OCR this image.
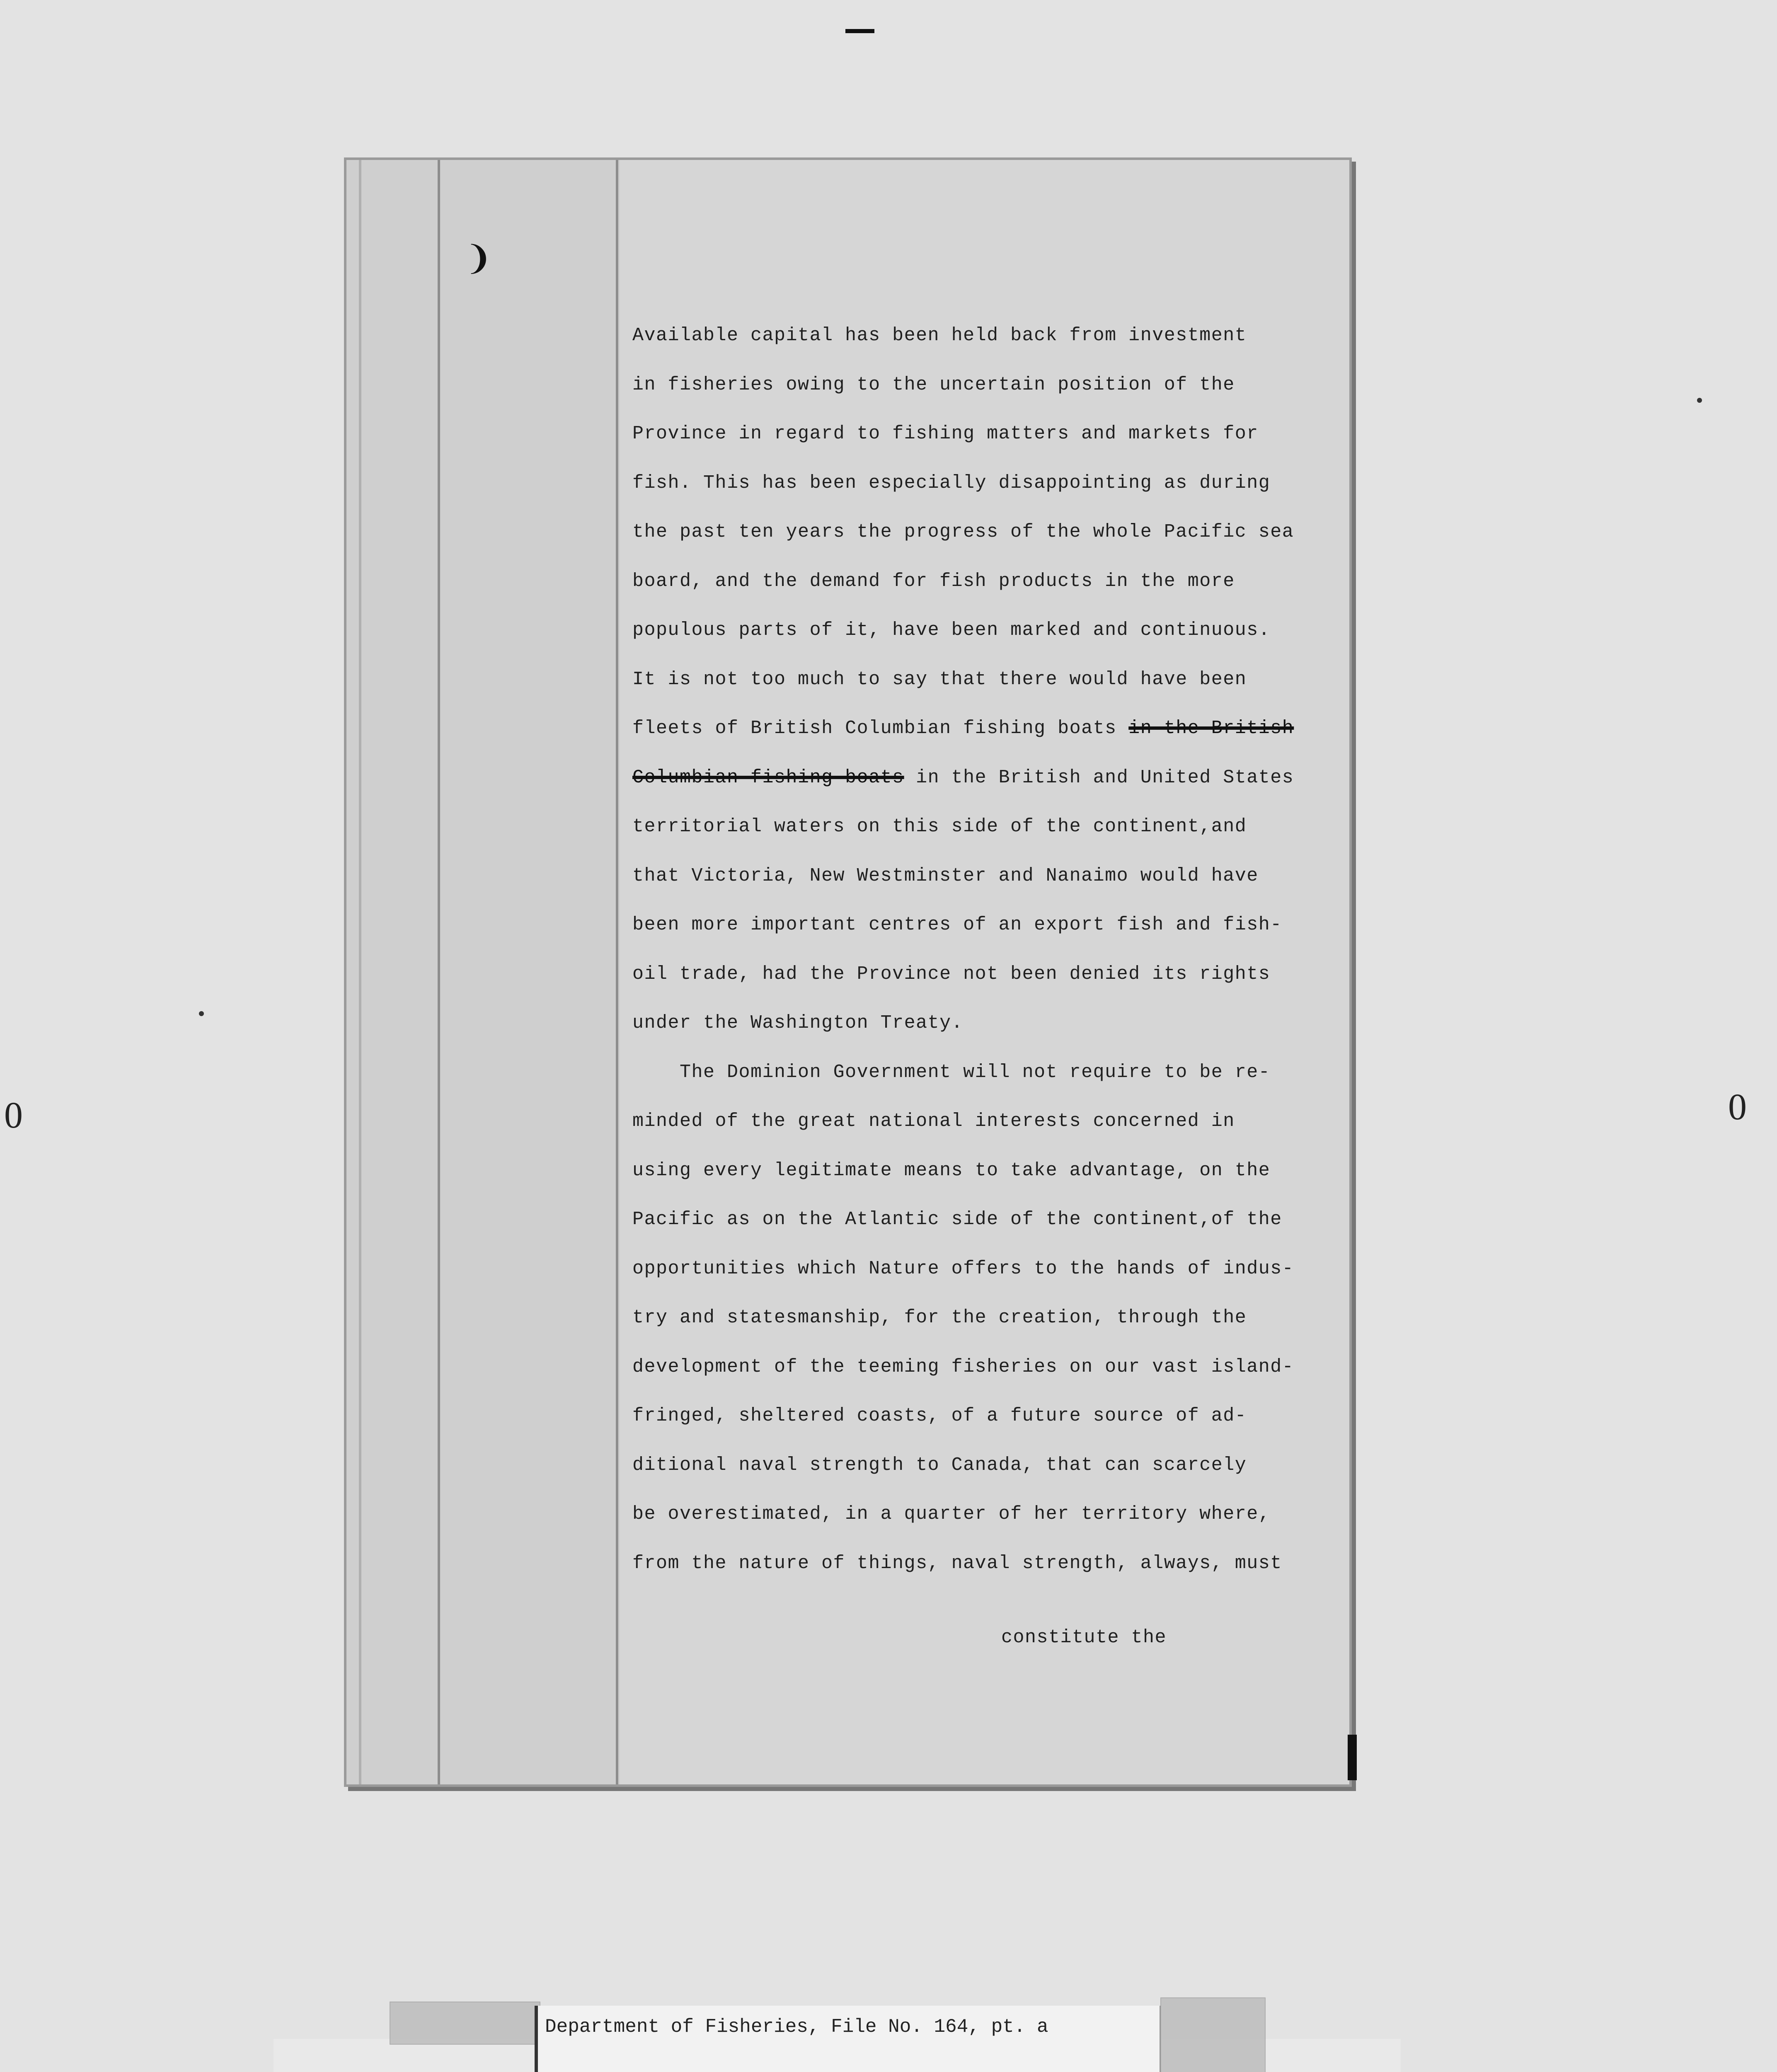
0	0
❩
Available capital has been held back from investment
in fisheries owing to the uncertain position of the
Province in regard to fishing matters and markets for
fish. This has been especially disappointing as during
the past ten years the progress of the whole Pacific sea
board, and the demand for fish products in the more
populous parts of it, have been marked and continuous.
It is not too much to say that there would have been
fleets of British Columbian fishing boats in the British
Columbian fishing boats in the British and United States
territorial waters on this side of the continent,and
that Victoria, New Westminster and Nanaimo would have
been more important centres of an export fish and fish-
oil trade, had the Province not been denied its rights
under the Washington Treaty.
The Dominion Government will not require to be re-
minded of the great national interests concerned in
using every legitimate means to take advantage, on the
Pacific as on the Atlantic side of the continent,of the
opportunities which Nature offers to the hands of indus-
try and statesmanship, for the creation, through the
development of the teeming fisheries on our vast island-
fringed, sheltered coasts, of a future source of ad-
ditional naval strength to Canada, that can scarcely
be overestimated, in a quarter of her territory where,
from the nature of things, naval strength, always, must
constitute the
Department of Fisheries, File No. 164, pt. a
